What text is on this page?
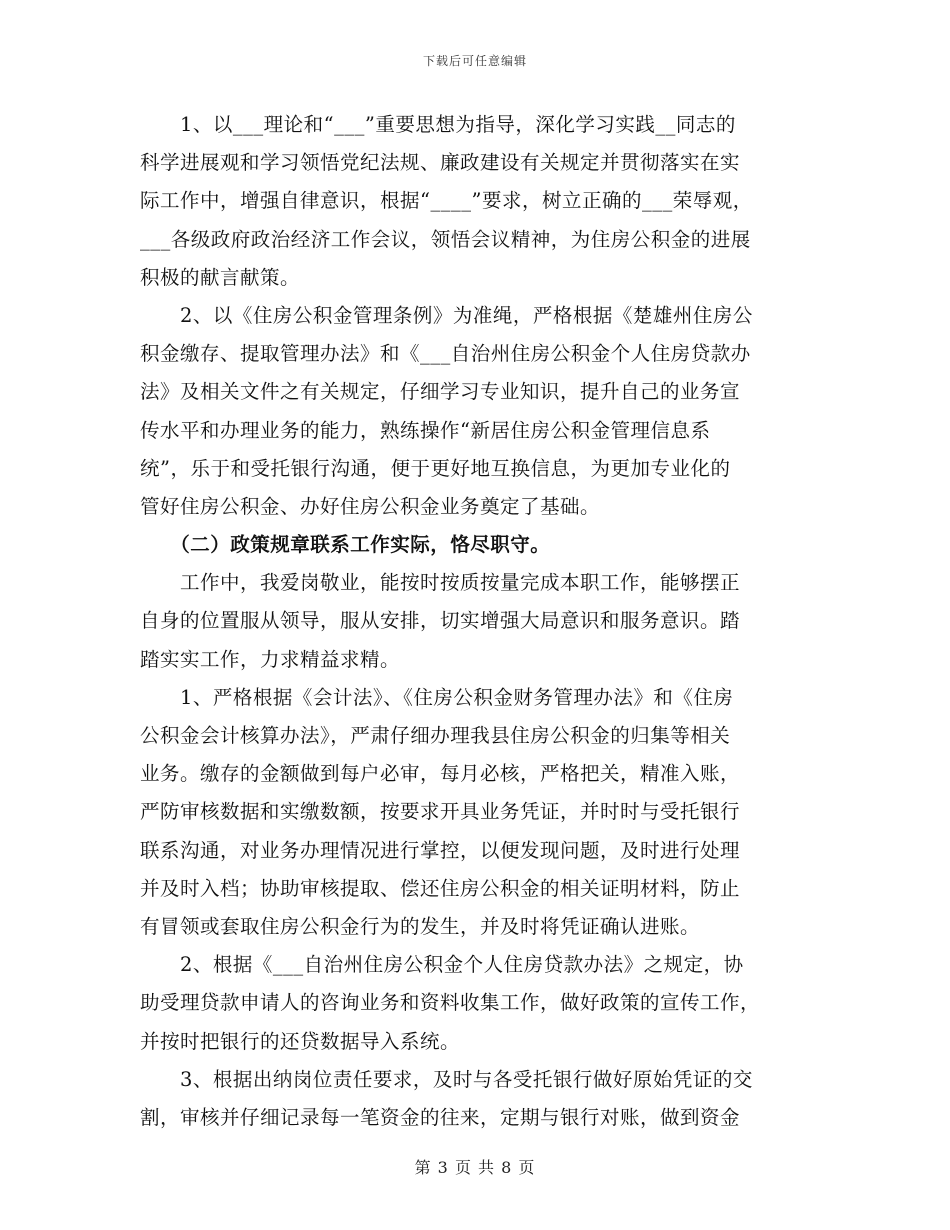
下载后可任意编辑
　　1、以___理论和“___”重要思想为指导，深化学习实践__同志的
科学进展观和学习领悟党纪法规、廉政建设有关规定并贯彻落实在实
际工作中，增强自律意识，根据“____”要求，树立正确的___荣辱观，
___各级政府政治经济工作会议，领悟会议精神，为住房公积金的进展
积极的献言献策。
　　2、以《住房公积金管理条例》为准绳，严格根据《楚雄州住房公
积金缴存、提取管理办法》和《___自治州住房公积金个人住房贷款办
法》及相关文件之有关规定，仔细学习专业知识，提升自己的业务宣
传水平和办理业务的能力，熟练操作“新居住房公积金管理信息系
统”，乐于和受托银行沟通，便于更好地互换信息，为更加专业化的
管好住房公积金、办好住房公积金业务奠定了基础。
　　（二）政策规章联系工作实际，恪尽职守。
　　工作中，我爱岗敬业，能按时按质按量完成本职工作，能够摆正
自身的位置服从领导，服从安排，切实增强大局意识和服务意识。踏
踏实实工作，力求精益求精。
　　1、严格根据《会计法》、《住房公积金财务管理办法》和《住房
公积金会计核算办法》，严肃仔细办理我县住房公积金的归集等相关
业务。缴存的金额做到每户必审，每月必核，严格把关，精准入账，
严防审核数据和实缴数额，按要求开具业务凭证，并时时与受托银行
联系沟通，对业务办理情况进行掌控，以便发现问题，及时进行处理
并及时入档；协助审核提取、偿还住房公积金的相关证明材料，防止
有冒领或套取住房公积金行为的发生，并及时将凭证确认进账。
　　2、根据《___自治州住房公积金个人住房贷款办法》之规定，协
助受理贷款申请人的咨询业务和资料收集工作，做好政策的宣传工作，
并按时把银行的还贷数据导入系统。
　　3、根据出纳岗位责任要求，及时与各受托银行做好原始凭证的交
割，审核并仔细记录每一笔资金的往来，定期与银行对账，做到资金
第 3 页 共 8 页
